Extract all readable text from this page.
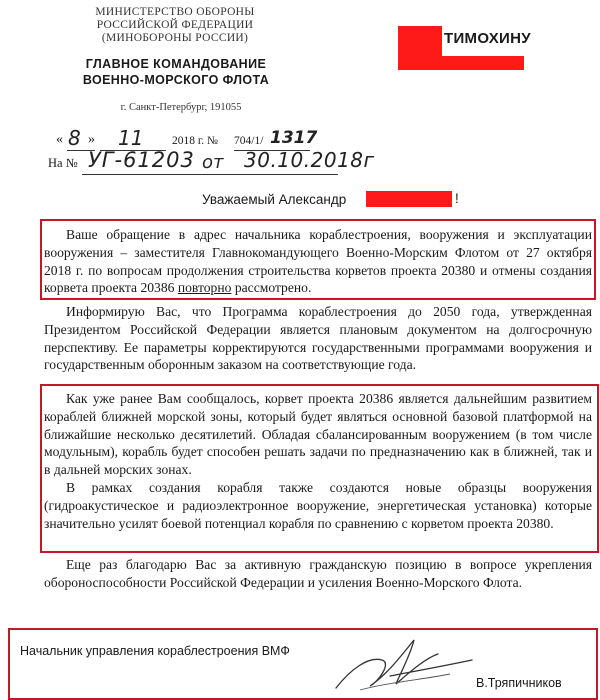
МИНИСТЕРСТВО ОБОРОНЫ
РОССИЙСКОЙ ФЕДЕРАЦИИ
(МИНОБОРОНЫ РОССИИ)
ГЛАВНОЕ КОМАНДОВАНИЕ
ВОЕННО-МОРСКОГО ФЛОТА
г. Санкт-Петербург, 191055
ТИМОХИНУ
« 8 » 11 2018 г. № 704/1/ 1317
На № УГ-61203 от 30.10.2018г
Уважаемый Александр	!

Ваше обращение в адрес начальника кораблестроения, вооружения и эксплуатации вооружения – заместителя Главнокомандующего Военно-Морским Флотом от 27 октября 2018 г. по вопросам продолжения строительства корветов проекта 20380 и отмены создания корвета проекта 20386 повторно рассмотрено.

Информирую Вас, что Программа кораблестроения до 2050 года, утвержденная Президентом Российской Федерации является плановым документом на долгосрочную перспективу. Ее параметры корректируются государственными программами вооружения и государственным оборонным заказом на соответствующие года.

Как уже ранее Вам сообщалось, корвет проекта 20386 является дальнейшим развитием кораблей ближней морской зоны, который будет являться основной базовой платформой на ближайшие несколько десятилетий. Обладая сбалансированным вооружением (в том числе модульным), корабль будет способен решать задачи по предназначению как в ближней, так и в дальней морских зонах.

В рамках создания корабля также создаются новые образцы вооружения (гидроакустическое и радиоэлектронное вооружение, энергетическая установка) которые значительно усилят боевой потенциал корабля по сравнению с корветом проекта 20380.

Еще раз благодарю Вас за активную гражданскую позицию в вопросе укрепления обороноспособности Российской Федерации и усиления Военно-Морского Флота.

Начальник управления кораблестроения ВМФ
В.Тряпичников
